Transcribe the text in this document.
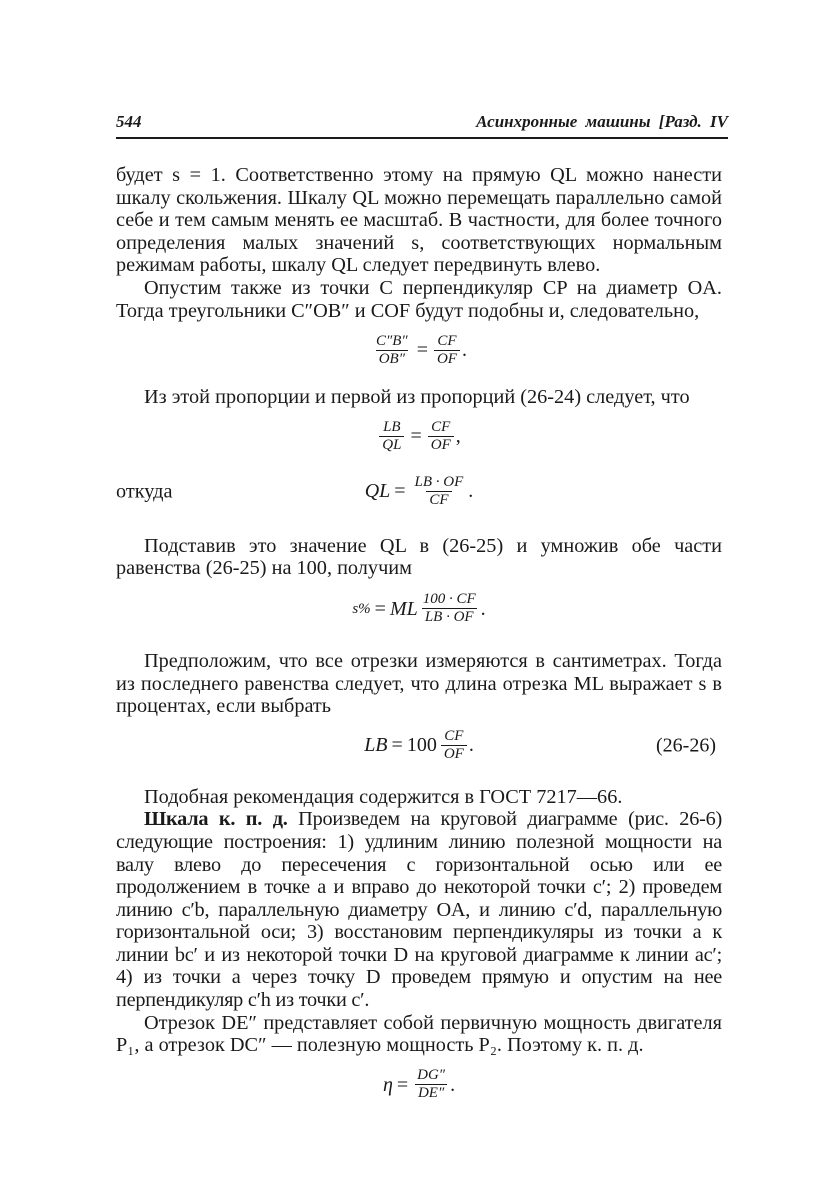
544	Асинхронные машины [Разд. IV

будет s = 1. Соответственно этому на прямую QL можно нанести шкалу скольжения. Шкалу QL можно перемещать параллельно самой себе и тем самым менять ее масштаб. В частности, для более точного определения малых значений s, соответствующих нормальным режимам работы, шкалу QL следует передвинуть влево.

Опустим также из точки C перпендикуляр CP на диаметр OA. Тогда треугольники C″OB″ и COF будут подобны и, следовательно,

$\frac{C''B''}{OB''} = \frac{CF}{OF}$ .

Из этой пропорции и первой из пропорций (26-24) следует, что

$\frac{LB}{QL} = \frac{CF}{OF}$ ,
откуда	QL = $\frac{LB \cdot OF}{CF}$ .

Подставив это значение QL в (26-25) и умножив обе части равенства (26-25) на 100, получим

s% = ML $\frac{100 \cdot CF}{LB \cdot OF}$ .

Предположим, что все отрезки измеряются в сантиметрах. Тогда из последнего равенства следует, что длина отрезка ML выражает s в процентах, если выбрать

LB = $100 \frac{CF}{OF}$ .	(26-26)

Подобная рекомендация содержится в ГОСТ 7217—66.

Шкала к. п. д. Произведем на круговой диаграмме (рис. 26-6) следующие построения: 1) удлиним линию полезной мощности на валу влево до пересечения с горизонтальной осью или ее продолжением в точке a и вправо до некоторой точки c′; 2) проведем линию c′b, параллельную диаметру OA, и линию c′d, параллельную горизонтальной оси; 3) восстановим перпендикуляры из точки a к линии bc′ и из некоторой точки D на круговой диаграмме к линии ac′; 4) из точки a через точку D проведем прямую и опустим на нее перпендикуляр c′h из точки c′.

Отрезок DE″ представляет собой первичную мощность двигателя P₁, а отрезок DC″ — полезную мощность P₂. Поэтому к. п. д.

$\eta = \frac{DG''}{DE''}$ .
